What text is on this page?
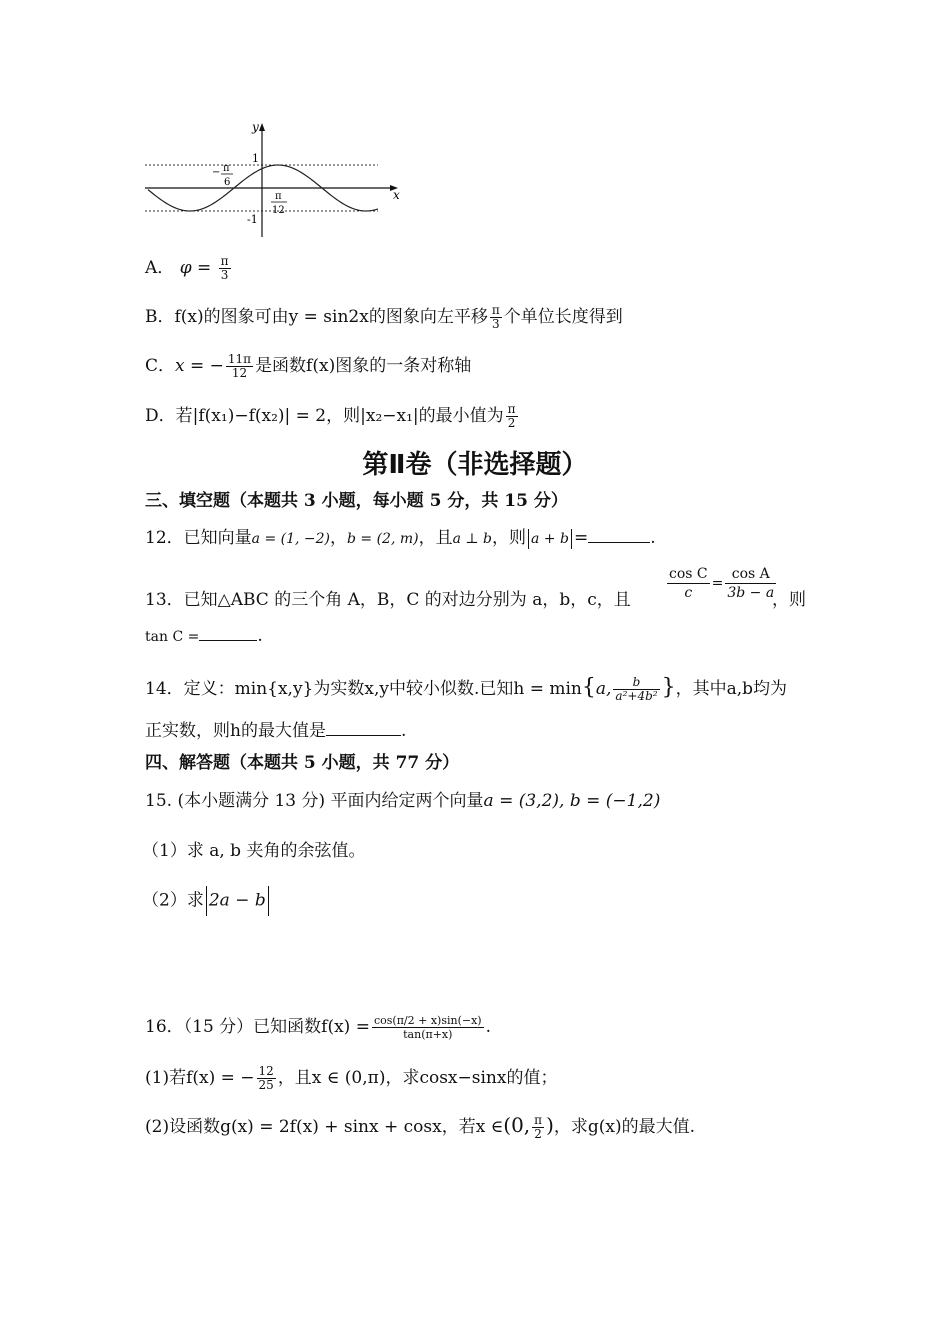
y
x
1
-1
− π
6
π
12
A． $\varphi = \frac{\pi}{3}$
B．f(x)的图象可由y = sin2x的图象向左平移 $\frac{\pi}{3}$ 个单位长度得到
C．x = − $\frac{11\pi}{12}$ 是函数f(x)图象的一条对称轴
D．若|f(x₁)−f(x₂)| = 2，则|x₂−x₁|的最小值为 $\frac{\pi}{2}$
第Ⅱ卷（非选择题）
三、填空题（本题共 3 小题，每小题 5 分，共 15 分）
12．已知向量a = (1, −2)，b = (2, m)，且a ⊥ b，则 a + b =	.
$\frac{\text{cos C}}{c} = \frac{\text{cos A}}{3b - a}$
13．已知△ABC 的三个角 A，B，C 的对边分别为 a，b，c，且	，则
tan C =	.
14．定义：min{x,y}为实数x,y中较小似数.已知h = min{a, $\frac{b}{\text{a²+4b²}}$ }，其中a,b均为
正实数，则h的最大值是	.
四、解答题（本题共 5 小题，共 77 分）
15. (本小题满分 13 分) 平面内给定两个向量a = (3,2), b = (−1,2)
（1）求 a, b 夹角的余弦值。
（2）求 2a − b
16．（15 分）已知函数$f(x) = \frac{\cos(\pi/2 + x)\sin(-x)}{\tan(\pi+x)}$ .
(1)若f(x) = − $\frac{12}{25}$ ，且x ∈ (0,π)，求cosx−sinx的值；
(2)设函数g(x) = 2f(x) + sinx + cosx，若x ∈(0, $\frac{\pi}{2}$ )，求g(x)的最大值.
